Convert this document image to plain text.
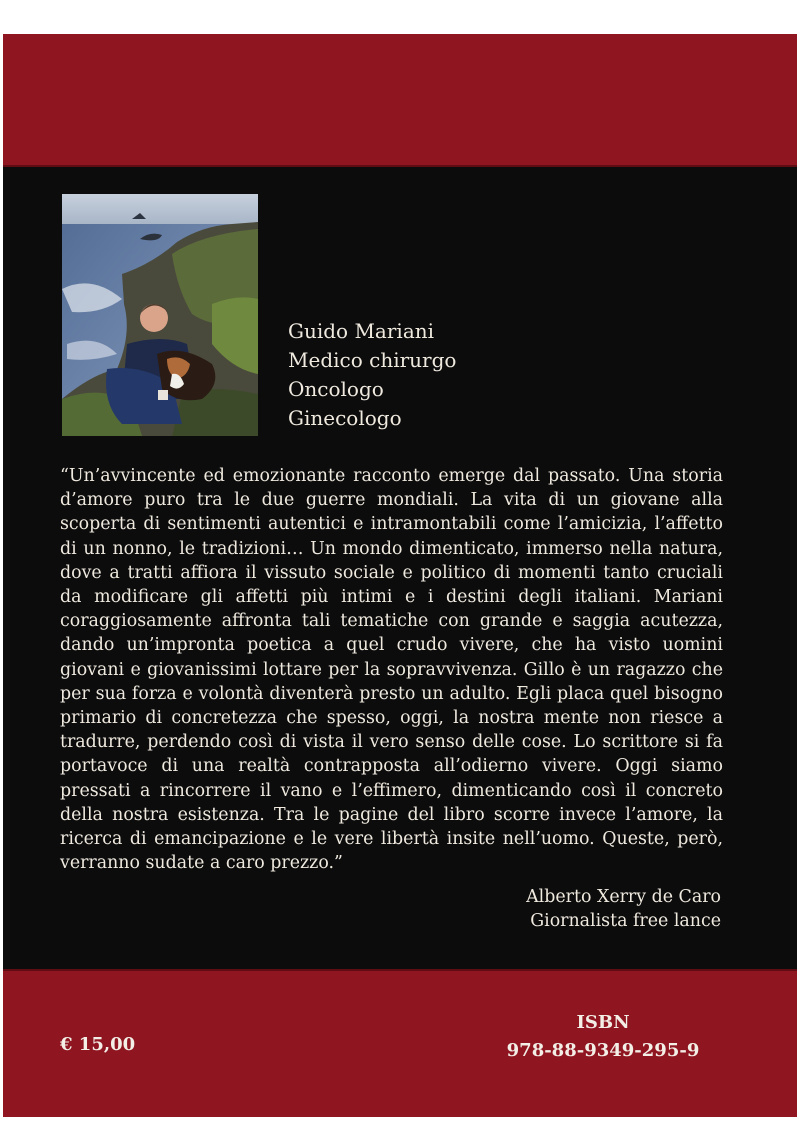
Guido Mariani
Medico chirurgo
Oncologo
Ginecologo

“Un’avvincente ed emozionante racconto emerge dal passato. Una storia d’amore puro tra le due guerre mondiali. La vita di un giovane alla scoperta di sentimenti autentici e intramontabili come l’amicizia, l’affetto di un nonno, le tradizioni… Un mondo dimenticato, immerso nella natura, dove a tratti affiora il vissuto sociale e politico di momenti tanto cruciali da modificare gli affetti più intimi e i destini degli italiani. Mariani coraggiosamente affronta tali tematiche con grande e saggia acutezza, dando un’impronta poetica a quel crudo vivere, che ha visto uomini giovani e giovanissimi lottare per la sopravvivenza. Gillo è un ragazzo che per sua forza e volontà diventerà presto un adulto. Egli placa quel bisogno primario di concretezza che spesso, oggi, la nostra mente non riesce a tradurre, perdendo così di vista il vero senso delle cose. Lo scrittore si fa portavoce di una realtà contrapposta all’odierno vivere. Oggi siamo pressati a rincorrere il vano e l’effimero, dimenticando così il concreto della nostra esistenza. Tra le pagine del libro scorre invece l’amore, la ricerca di emancipazione e le vere libertà insite nell’uomo. Queste, però, verranno sudate a caro prezzo.”

Alberto Xerry de Caro
Giornalista free lance
€ 15,00
ISBN
978-88-9349-295-9
